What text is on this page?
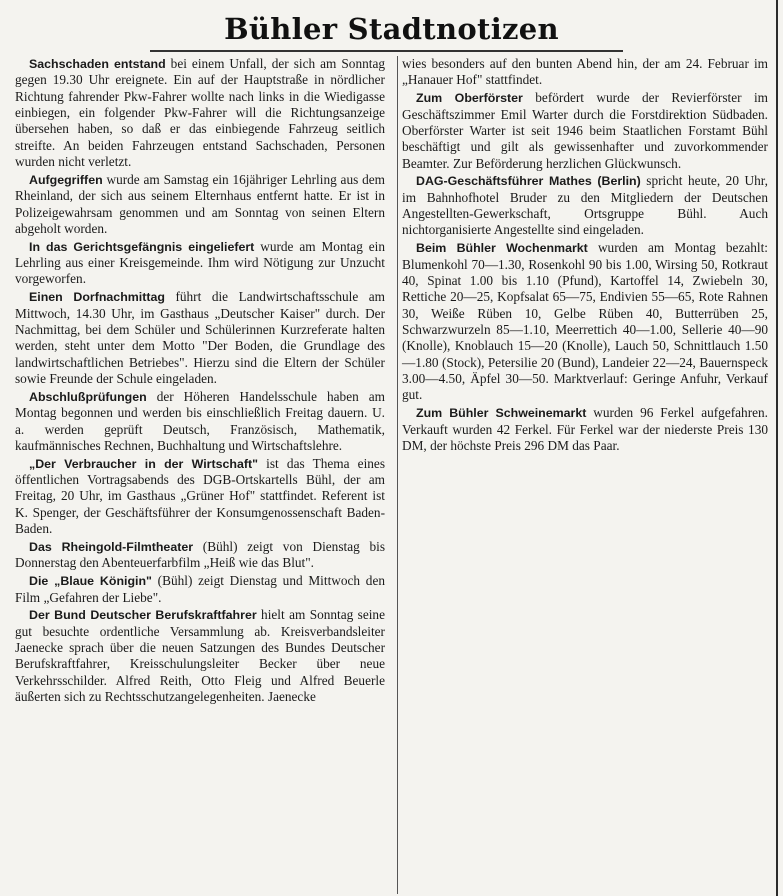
Bühler Stadtnotizen

Sachschaden entstand bei einem Unfall, der sich am Sonntag gegen 19.30 Uhr ereignete. Ein auf der Hauptstraße in nördlicher Richtung fahrender Pkw-Fahrer wollte nach links in die Wiedigasse einbiegen, ein folgender Pkw-Fahrer will die Richtungsanzeige übersehen haben, so daß er das einbiegende Fahrzeug seitlich streifte. An beiden Fahrzeugen entstand Sachschaden, Personen wurden nicht verletzt.

Aufgegriffen wurde am Samstag ein 16jähriger Lehrling aus dem Rheinland, der sich aus seinem Elternhaus entfernt hatte. Er ist in Polizeigewahrsam genommen und am Sonntag von seinen Eltern abgeholt worden.

In das Gerichtsgefängnis eingeliefert wurde am Montag ein Lehrling aus einer Kreisgemeinde. Ihm wird Nötigung zur Unzucht vorgeworfen.

Einen Dorfnachmittag führt die Landwirtschaftsschule am Mittwoch, 14.30 Uhr, im Gasthaus „Deutscher Kaiser" durch. Der Nachmittag, bei dem Schüler und Schülerinnen Kurzreferate halten werden, steht unter dem Motto "Der Boden, die Grundlage des landwirtschaftlichen Betriebes". Hierzu sind die Eltern der Schüler sowie Freunde der Schule eingeladen.

Abschlußprüfungen der Höheren Handelsschule haben am Montag begonnen und werden bis einschließlich Freitag dauern. U. a. werden geprüft Deutsch, Französisch, Mathematik, kaufmännisches Rechnen, Buchhaltung und Wirtschaftslehre.

„Der Verbraucher in der Wirtschaft" ist das Thema eines öffentlichen Vortragsabends des DGB-Ortskartells Bühl, der am Freitag, 20 Uhr, im Gasthaus „Grüner Hof" stattfindet. Referent ist K. Spenger, der Geschäftsführer der Konsumgenossenschaft Baden-Baden.

Das Rheingold-Filmtheater (Bühl) zeigt von Dienstag bis Donnerstag den Abenteuerfarbfilm „Heiß wie das Blut".

Die „Blaue Königin" (Bühl) zeigt Dienstag und Mittwoch den Film „Gefahren der Liebe".

Der Bund Deutscher Berufskraftfahrer hielt am Sonntag seine gut besuchte ordentliche Versammlung ab. Kreisverbandsleiter Jaenecke sprach über die neuen Satzungen des Bundes Deutscher Berufskraftfahrer, Kreisschulungsleiter Becker über neue Verkehrsschilder. Alfred Reith, Otto Fleig und Alfred Beuerle äußerten sich zu Rechtsschutzangelegenheiten. Jaenecke

wies besonders auf den bunten Abend hin, der am 24. Februar im „Hanauer Hof" stattfindet.

Zum Oberförster befördert wurde der Revierförster im Geschäftszimmer Emil Warter durch die Forstdirektion Südbaden. Oberförster Warter ist seit 1946 beim Staatlichen Forstamt Bühl beschäftigt und gilt als gewissenhafter und zuvorkommender Beamter. Zur Beförderung herzlichen Glückwunsch.

DAG-Geschäftsführer Mathes (Berlin) spricht heute, 20 Uhr, im Bahnhofhotel Bruder zu den Mitgliedern der Deutschen Angestellten-Gewerkschaft, Ortsgruppe Bühl. Auch nichtorganisierte Angestellte sind eingeladen.

Beim Bühler Wochenmarkt wurden am Montag bezahlt: Blumenkohl 70—1.30, Rosenkohl 90 bis 1.00, Wirsing 50, Rotkraut 40, Spinat 1.00 bis 1.10 (Pfund), Kartoffel 14, Zwiebeln 30, Rettiche 20—25, Kopfsalat 65—75, Endivien 55—65, Rote Rahnen 30, Weiße Rüben 10, Gelbe Rüben 40, Butterrüben 25, Schwarzwurzeln 85—1.10, Meerrettich 40—1.00, Sellerie 40—90 (Knolle), Knoblauch 15—20 (Knolle), Lauch 50, Schnittlauch 1.50—1.80 (Stock), Petersilie 20 (Bund), Landeier 22—24, Bauernspeck 3.00—4.50, Äpfel 30—50. Marktverlauf: Geringe Anfuhr, Verkauf gut.

Zum Bühler Schweinemarkt wurden 96 Ferkel aufgefahren. Verkauft wurden 42 Ferkel. Für Ferkel war der niederste Preis 130 DM, der höchste Preis 296 DM das Paar.
